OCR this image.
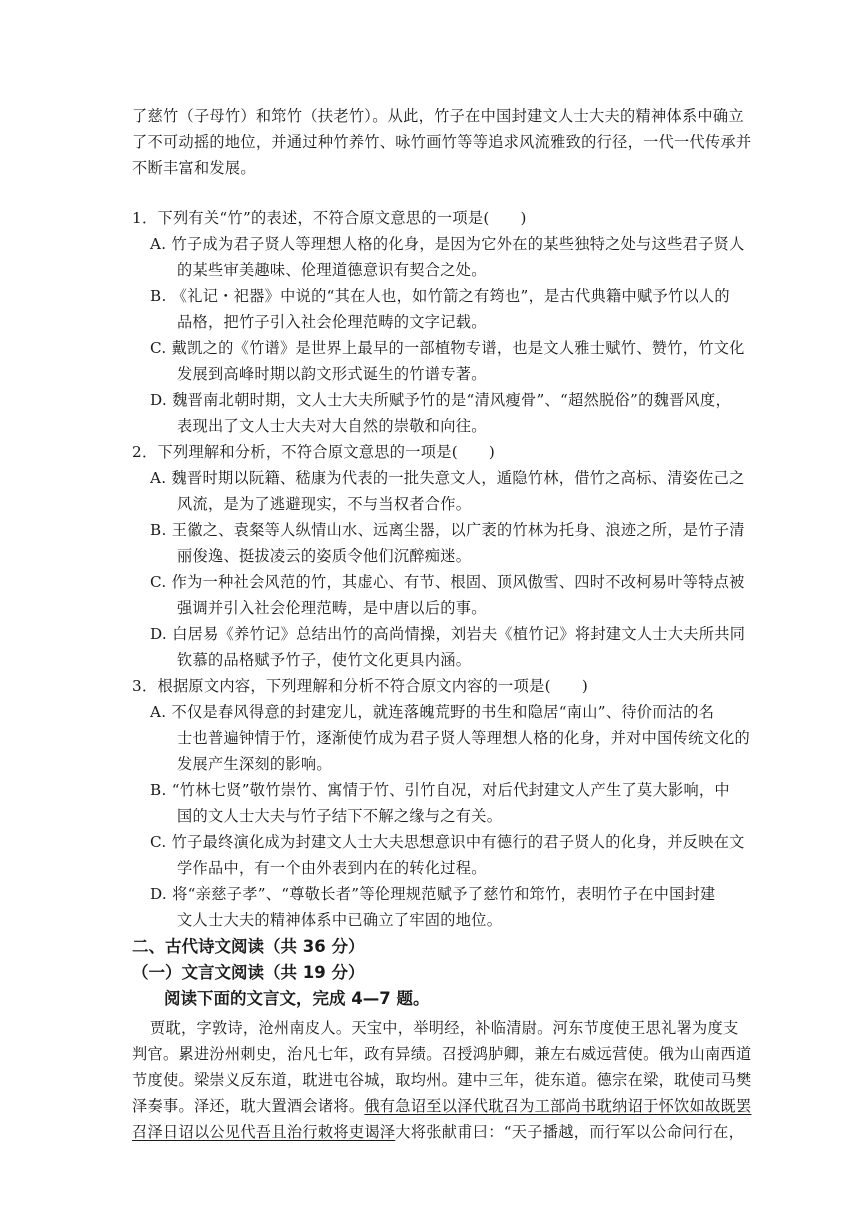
了慈竹（子母竹）和筇竹（扶老竹）。从此，竹子在中国封建文人士大夫的精神体系中确立
了不可动摇的地位，并通过种竹养竹、咏竹画竹等等追求风流雅致的行径，一代一代传承并
不断丰富和发展。
1．下列有关“竹”的表述，不符合原文意思的一项是(　　)
A. 竹子成为君子贤人等理想人格的化身，是因为它外在的某些独特之处与这些君子贤人
的某些审美趣味、伦理道德意识有契合之处。
B. 《礼记・祀器》中说的“其在人也，如竹箭之有筠也”，是古代典籍中赋予竹以人的
品格，把竹子引入社会伦理范畴的文字记载。
C. 戴凯之的《竹谱》是世界上最早的一部植物专谱，也是文人雅士赋竹、赞竹，竹文化
发展到高峰时期以韵文形式诞生的竹谱专著。
D. 魏晋南北朝时期，文人士大夫所赋予竹的是“清风瘦骨”、“超然脱俗”的魏晋风度，
表现出了文人士大夫对大自然的崇敬和向往。
2．下列理解和分析，不符合原文意思的一项是(　　)
A. 魏晋时期以阮籍、嵇康为代表的一批失意文人，遁隐竹林，借竹之高标、清姿佐己之
风流，是为了逃避现实，不与当权者合作。
B. 王徽之、袁粲等人纵情山水、远离尘器，以广袤的竹林为托身、浪迹之所，是竹子清
丽俊逸、挺拔凌云的姿质令他们沉醉痴迷。
C. 作为一种社会风范的竹，其虚心、有节、根固、顶风傲雪、四时不改柯易叶等特点被
强调并引入社会伦理范畴，是中唐以后的事。
D. 白居易《养竹记》总结出竹的高尚情操，刘岩夫《植竹记》将封建文人士大夫所共同
钦慕的品格赋予竹子，使竹文化更具内涵。
3．根据原文内容，下列理解和分析不符合原文内容的一项是(　　)
A. 不仅是春风得意的封建宠儿，就连落魄荒野的书生和隐居“南山”、待价而沽的名
士也普遍钟情于竹，逐渐使竹成为君子贤人等理想人格的化身，并对中国传统文化的
发展产生深刻的影响。
B. “竹林七贤”敬竹崇竹、寓情于竹、引竹自况，对后代封建文人产生了莫大影响，中
国的文人士大夫与竹子结下不解之缘与之有关。
C. 竹子最终演化成为封建文人士大夫思想意识中有德行的君子贤人的化身，并反映在文
学作品中，有一个由外表到内在的转化过程。
D. 将“亲慈子孝”、“尊敬长者”等伦理规范赋予了慈竹和筇竹，表明竹子在中国封建
文人士大夫的精神体系中已确立了牢固的地位。
二、古代诗文阅读（共 36 分）
（一）文言文阅读（共 19 分）
阅读下面的文言文，完成 4—7 题。
贾耽，字敦诗，沧州南皮人。天宝中，举明经，补临清尉。河东节度使王思礼署为度支
判官。累进汾州刺史，治凡七年，政有异绩。召授鸿胪卿，兼左右威远营使。俄为山南西道
节度使。梁崇义反东道，耽进屯谷城，取均州。建中三年，徙东道。德宗在梁，耽使司马樊
泽奏事。泽还，耽大置酒会诸将。俄有急诏至以泽代耽召为工部尚书耽纳诏于怀饮如故既罢
召泽日诏以公见代吾且治行敕将吏谒泽大将张献甫曰：“天子播越，而行军以公命问行在，
